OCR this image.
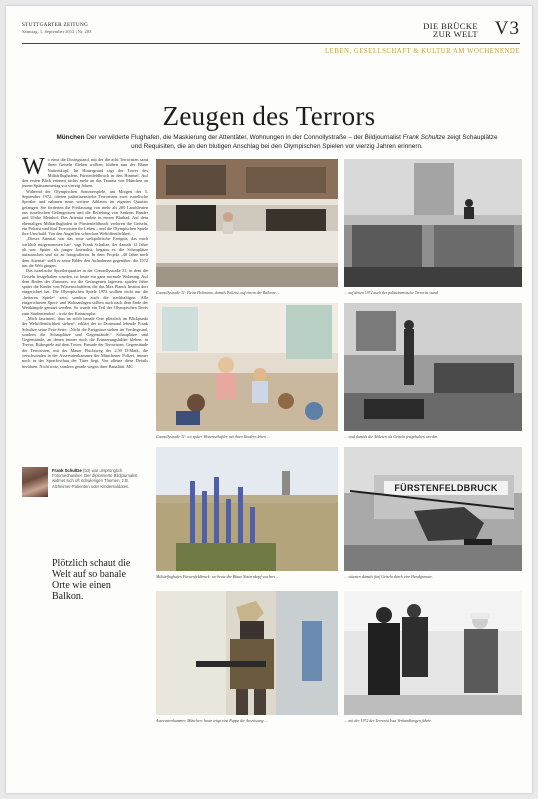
STUTTGARTER ZEITUNG
Samstag, 1. September 2012 | Nr. 203
DIE BRÜCKE
ZUR WELT V3
LEBEN, GESELLSCHAFT & KULTUR AM WOCHENENDE
Zeugen des Terrors
München Der verwilderte Flughafen, die Maskierung der Attentäter, Wohnungen in der Connollystraße – der Bildjournalist Frank Schultze zeigt Schauplätze und Requisiten, die an den blutigen Anschlag bei den Olympischen Spielen vor vierzig Jahren erinnern.

Wo einst die Dosingstand, mit der die acht Terroristen samt ihren Geiseln fliehen wollten, blühen nun der Blaue Natternkopf. Im Hintergrund ragt der Tower des Militärflughafens Fürstenfeldbruck in den Himmel. Auf den ersten Blick erinnert nichts mehr an das Trauma von München an jenem Spätsommertag vor vierzig Jahren.

Während der Olympischen Sommerspiele, am Morgen des 5. September 1972, töteten palästinensische Terroristen zwei israelische Sportler und nahmen neun weitere Athleten im eigenen Quartier gefangen. Sie forderten die Freilassung von mehr als 200 Landsleuten aus israelischen Gefängnissen und die Befreiung von Andreas Baader und Ulrike Meinhof. Das Attentat endete in einem Blutbad. Auf dem ehemaligen Militärflughafen in Fürstenfeldbruck verloren die Geiseln, ein Polizist und fünf Terroristen ihr Leben – und die Olympischen Spiele ihre Unschuld. Von den Angriffen schrecken Weltöffentlichkeit.

„Dieses Attentat war das erste weltpolitische Ereignis, das mich wirklich mitgenommen hat“, sagt Frank Schultze, der damals 12 Jahre alt war. Später als junger Journalist, begann er, die Schauplätze aufzusuchen und sie zu fotografieren. In dem Projekt „40 Jahre nach dem Attentat“ stellt er seine Bilder den Aufnahmen gegenüber, die 1972 um die Welt gingen.

Das israelische Sportlerquartier in der Connollystraße 31, in dem die Geiseln festgehalten wurden, ist heute ein ganz normale Wohnung. Auf dem Boden des Zimmers, wo die Gefangenen lagerten, spielen Jahre später die Kinder von Wissenschaftlern, die das Max Planck Institut dort eingerichtet hat. Die Olympischen Spiele 1972 wollten nicht nur die „heiteren Spiele“ sein, sondern auch die nachhaltigen. Alle eingerichteten Sport- und Wohnanlagen sollten auch nach dem Ende der Wettkämpfe genutzt werden. So wurde ein Teil des Olympischen Dorfs zum Studentendorf – trotz der Katastrophe.

„Mich fasziniert, dass an solch banale Orte plötzlich im Blickpunkt der Weltöffentlichkeit stehen“, erklärt der in Dortmund lebende Frank Schultze seine Foto-Serie. „Nicht die Ereignisse stehen im Vordergrund, sondern die Schauplätze und Gegenstände.“ Schauplätze und Gegenstände, an denen immer noch die Erinnerungsbilder kleben: in Trevor, Rührspiele auf dem Tower, Fassade der Terroristen, Gegenstände der Terroristen, mit der Mauer Fluchtweg der 2,50 D-Mark, die verschwinden in der Asservatenkammer der Münchener Polizei, immer noch in der Sportfoschau der Täter liegt. Von alleine diese Details berühren. Nicht trotz, sondern gerade wegen ihrer Banalität. MC

Frank Schultze (53) war ursprünglich Fotomechaniker. Der diplomierte Bildjournalist widmet sich oft schwierigen Themen, z.B. Alzheimer-Patienten oder Kindersoldaten.
Plötzlich schaut die Welt auf so banale Orte wie einen Balkon.
Connollystraße 31: Heinz Holtmann, damals Polizist, auf einem der Balkone …	… auf denen 1972 auch der palästinensische Terrorist stand
Connollystraße 31: wo später Wissenschaftler mit ihren Kindern leben …	… sind damals die Athleten als Geiseln festgehalten worden.
FÜRSTENFELDBRUCK
Militärflughafen Fürstenfeldbruck: wo heute der Blaue Natternkopf wuchert …	… stürzten damals fünf Geiseln durch eine Handgranate.
Asservatenkammer, München: heute trägt eine Puppe die Ausrüstung …	… mit der 1972 der Terrorist Issa Verhandlungen führte.
